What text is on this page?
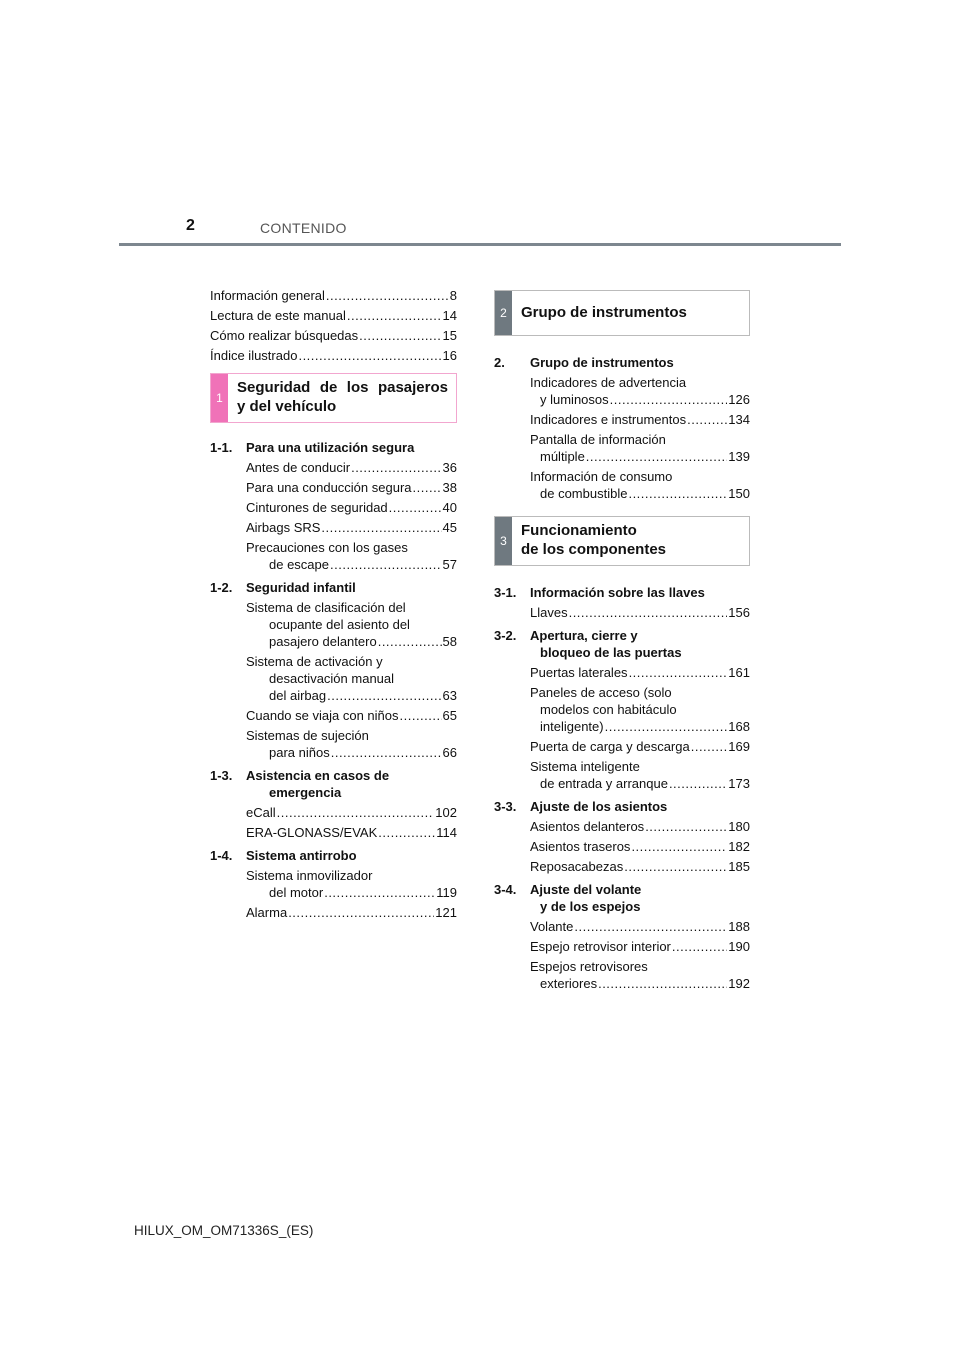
2	CONTENIDO
Información general .....	8
Lectura de este manual .....	14
Cómo realizar búsquedas .....	15
Índice ilustrado .....	16
1
Seguridad de los pasajeros
y del vehículo
1-1.	Para una utilización segura
Antes de conducir .....	36
Para una conducción segura ..... 38
Cinturones de seguridad .....	40
Airbags SRS .....	45
Precauciones con los gases
de escape .....	57
1-2.	Seguridad infantil
Sistema de clasificación del
ocupante del asiento del
pasajero delantero .....	58
Sistema de activación y
desactivación manual
del airbag .....	63
Cuando se viaja con niños .....	65
Sistemas de sujeción
para niños .....	66
1-3.	Asistencia en casos de
emergencia
eCall .....	102
ERA-GLONASS/EVAK .....	114
1-4.	Sistema antirrobo
Sistema inmovilizador
del motor .....	119
Alarma .....	121
2 Grupo de instrumentos
2.	Grupo de instrumentos
Indicadores de advertencia
y luminosos .....	126
Indicadores e instrumentos .....	134
Pantalla de información
múltiple .....	139
Información de consumo
de combustible .....	150
3
Funcionamiento
de los componentes
3-1.	Información sobre las llaves
Llaves .....	156
3-2.	Apertura, cierre y
bloqueo de las puertas
Puertas laterales .....	161
Paneles de acceso (solo
modelos con habitáculo
inteligente) .....	168
Puerta de carga y descarga .....	169
Sistema inteligente
de entrada y arranque .....	173
3-3.	Ajuste de los asientos
Asientos delanteros .....	180
Asientos traseros .....	182
Reposacabezas .....	185
3-4.	Ajuste del volante
y de los espejos
Volante .....	188
Espejo retrovisor interior .....	190
Espejos retrovisores
exteriores .....	192
HILUX_OM_OM71336S_(ES)
